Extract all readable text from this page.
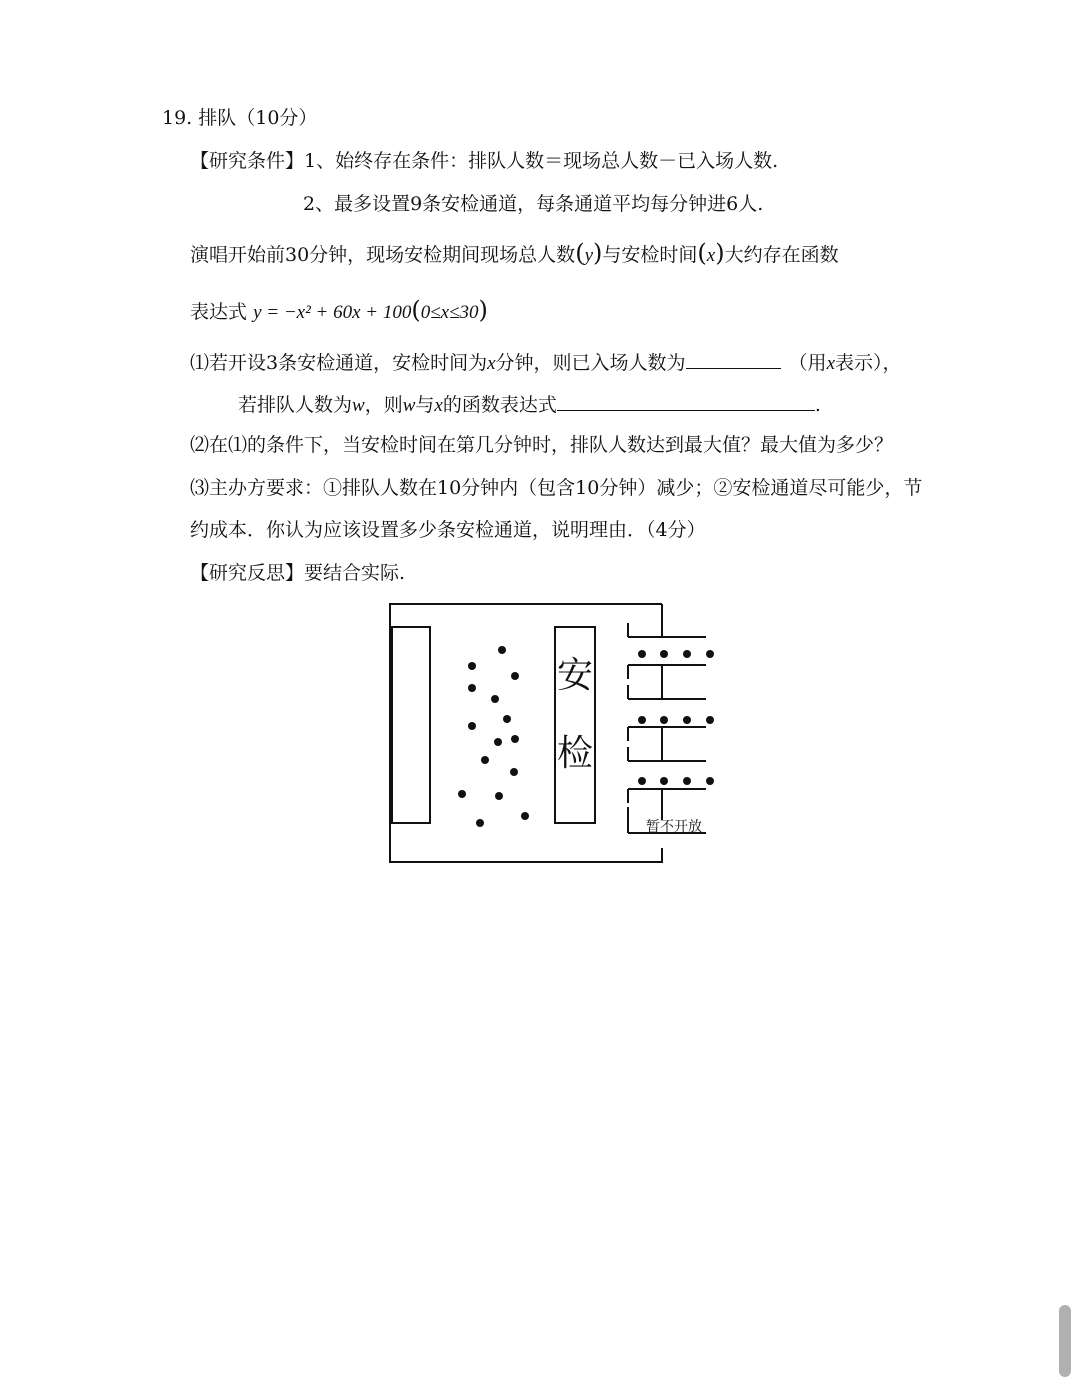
19. 排队（10分）
【研究条件】1、始终存在条件：排队人数＝现场总人数－已入场人数.
2、最多设置9条安检通道，每条通道平均每分钟进6人.
演唱开始前30分钟，现场安检期间现场总人数(y)与安检时间(x)大约存在函数
表达式 y = −x² + 60x + 100(0≤x≤30)
⑴若开设3条安检通道，安检时间为x分钟，则已入场人数为	（用x表示），
若排队人数为w，则w与x的函数表达式	.
⑵在⑴的条件下，当安检时间在第几分钟时，排队人数达到最大值？最大值为多少？
⑶主办方要求：①排队人数在10分钟内（包含10分钟）减少；②安检通道尽可能少，节
约成本．你认为应该设置多少条安检通道，说明理由．（4分）
【研究反思】要结合实际.
安
检
暂不开放
